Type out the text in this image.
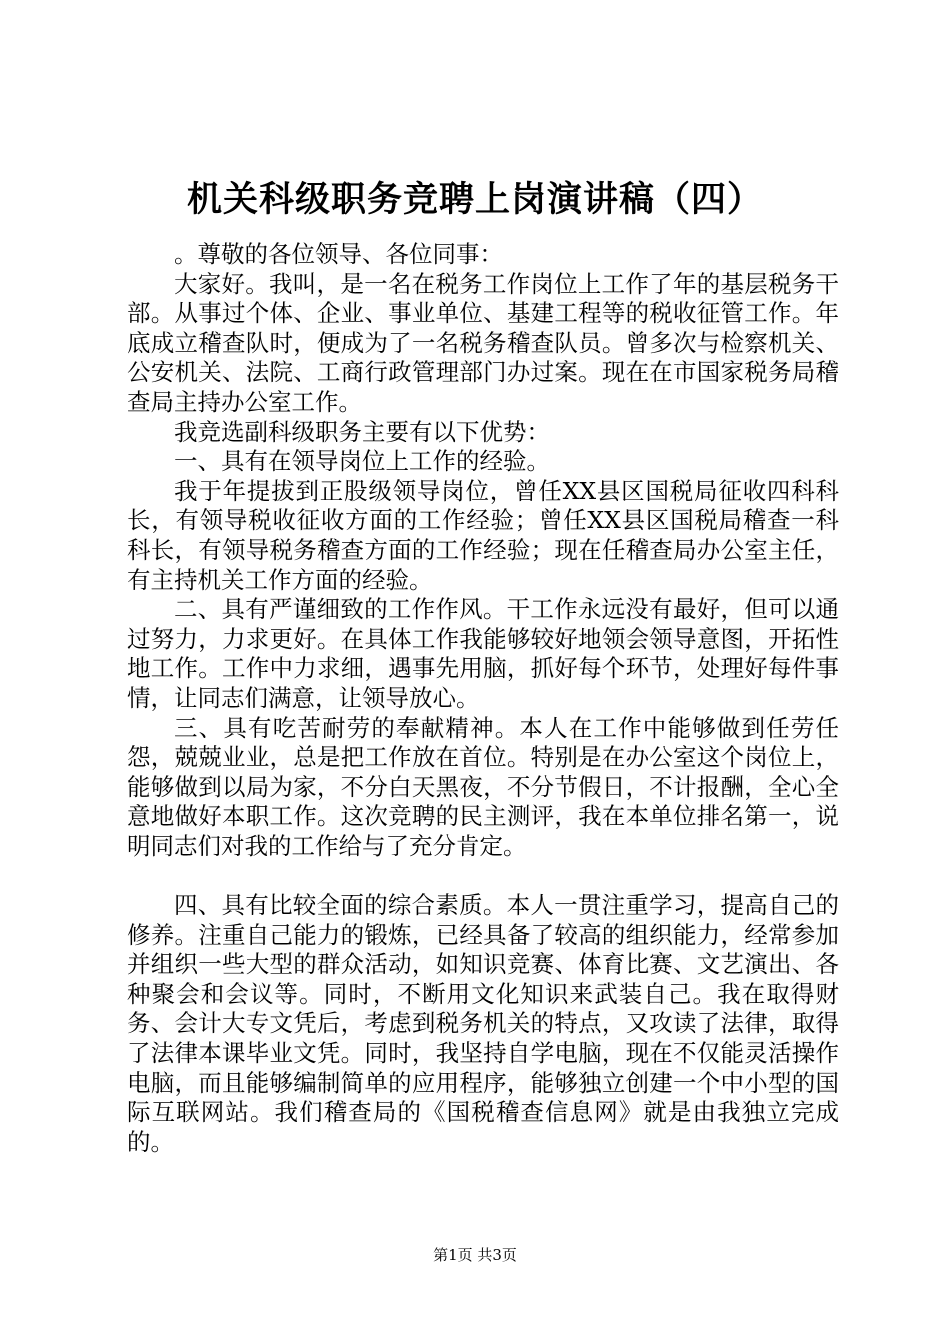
机关科级职务竞聘上岗演讲稿（四）

。尊敬的各位领导、各位同事：

大家好。我叫，是一名在税务工作岗位上工作了年的基层税务干部。从事过个体、企业、事业单位、基建工程等的税收征管工作。年底成立稽查队时，便成为了一名税务稽查队员。曾多次与检察机关、公安机关、法院、工商行政管理部门办过案。现在在市国家税务局稽查局主持办公室工作。

我竞选副科级职务主要有以下优势：

一、具有在领导岗位上工作的经验。

我于年提拔到正股级领导岗位，曾任XX县区国税局征收四科科长，有领导税收征收方面的工作经验；曾任XX县区国税局稽查一科科长，有领导税务稽查方面的工作经验；现在任稽查局办公室主任，有主持机关工作方面的经验。

二、具有严谨细致的工作作风。干工作永远没有最好，但可以通过努力，力求更好。在具体工作我能够较好地领会领导意图，开拓性地工作。工作中力求细，遇事先用脑，抓好每个环节，处理好每件事情，让同志们满意，让领导放心。

三、具有吃苦耐劳的奉献精神。本人在工作中能够做到任劳任怨，兢兢业业，总是把工作放在首位。特别是在办公室这个岗位上，能够做到以局为家，不分白天黑夜，不分节假日，不计报酬，全心全意地做好本职工作。这次竞聘的民主测评，我在本单位排名第一，说明同志们对我的工作给与了充分肯定。

四、具有比较全面的综合素质。本人一贯注重学习，提高自己的修养。注重自己能力的锻炼，已经具备了较高的组织能力，经常参加并组织一些大型的群众活动，如知识竞赛、体育比赛、文艺演出、各种聚会和会议等。同时，不断用文化知识来武装自己。我在取得财务、会计大专文凭后，考虑到税务机关的特点，又攻读了法律，取得了法律本课毕业文凭。同时，我坚持自学电脑，现在不仅能灵活操作电脑，而且能够编制简单的应用程序，能够独立创建一个中小型的国际互联网站。我们稽查局的《国税稽查信息网》就是由我独立完成的。

第1页 共3页
